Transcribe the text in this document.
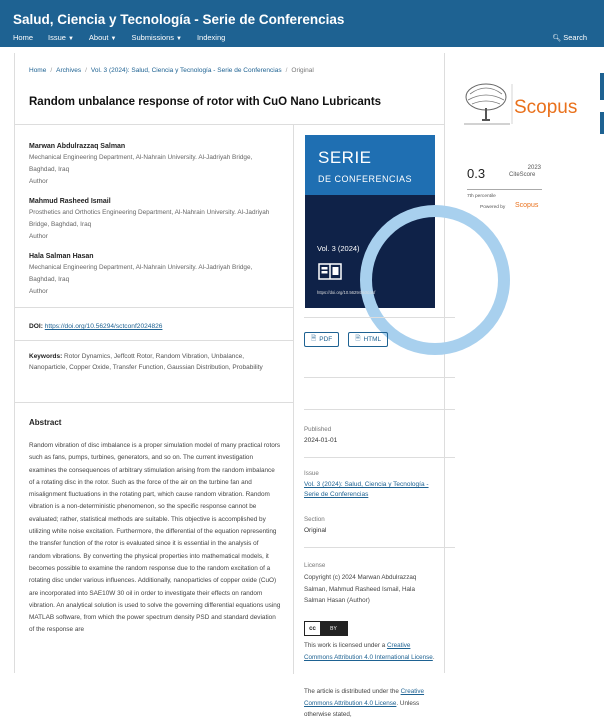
Salud, Ciencia y Tecnología - Serie de Conferencias
Home Issue ▼ About ▼ Submissions ▼ Indexing	🔍︎ Search
Home / Archives / Vol. 3 (2024): Salud, Ciencia y Tecnología - Serie de Conferencias / Original
Random unbalance response of rotor with CuO Nano Lubricants
Marwan Abdulrazzaq Salman
Mechanical Engineering Department, Al-Nahrain University. Al-Jadriyah Bridge, Baghdad, Iraq
Author
Mahmud Rasheed Ismail
Prosthetics and Orthotics Engineering Department, Al-Nahrain University. Al-Jadriyah Bridge, Baghdad, Iraq
Author
Hala Salman Hasan
Mechanical Engineering Department, Al-Nahrain University. Al-Jadriyah Bridge, Baghdad, Iraq
Author
DOI: https://doi.org/10.56294/sctconf2024826
Keywords: Rotor Dynamics, Jeffcott Rotor, Random Vibration, Unbalance, Nanoparticle, Copper Oxide, Transfer Function, Gaussian Distribution, Probability
Abstract

Random vibration of disc imbalance is a proper simulation model of many practical rotors such as fans, pumps, turbines, generators, and so on. The current investigation examines the consequences of arbitrary stimulation arising from the random imbalance of a rotating disc in the rotor. Such as the force of the air on the turbine fan and misalignment fluctuations in the rotating part, which cause random vibration. Random vibration is a non-deterministic phenomenon, so the specific response cannot be evaluated; rather, statistical methods are suitable. This objective is accomplished by utilizing white noise excitation. Furthermore, the differential of the equation representing the transfer function of the rotor is evaluated since it is essential in the analysis of random vibrations. By converting the physical properties into mathematical models, it becomes possible to examine the random response due to the random excitation of a rotating disc under various influences. Additionally, nanoparticles of copper oxide (CuO) are incorporated into SAE10W 30 oil in order to investigate their effects on random vibration. An analytical solution is used to solve the governing differential equations using MATLAB software, from which the power spectrum density PSD and standard deviation of the response are

SERIE
DE CONFERENCIAS
Vol. 3 (2024)
https://doi.org/10.56294/sctconf
🗎︎ PDF	🗎︎ HTML
Published
2024-01-01
Issue
Vol. 3 (2024): Salud, Ciencia y Tecnología - Serie de Conferencias
Section
Original
License
Copyright (c) 2024 Marwan Abdulrazzaq Salman, Mahmud Rasheed Ismail, Hala Salman Hasan (Author)
cc	BY
This work is licensed under a Creative Commons Attribution 4.0 International License.
The article is distributed under the Creative Commons Attribution 4.0 License. Unless otherwise stated,
Scopus
0.3	2023
CiteScore
7th percentile
Powered by Scopus
